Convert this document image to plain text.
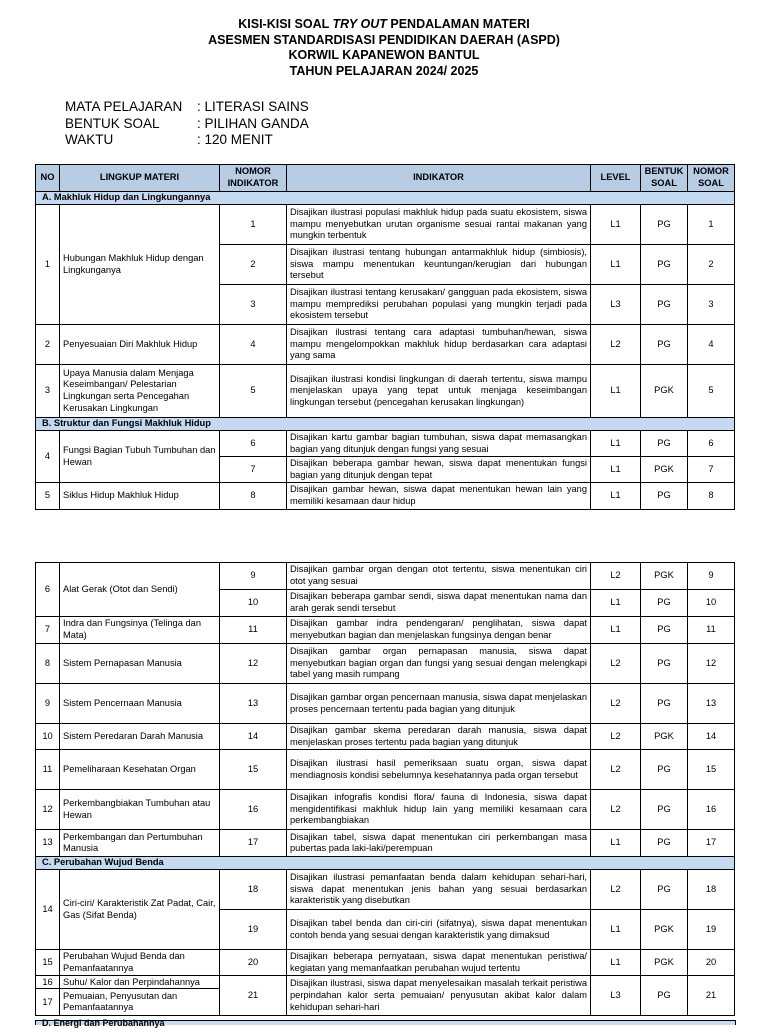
KISI-KISI SOAL TRY OUT PENDALAMAN MATERI
ASESMEN STANDARDISASI PENDIDIKAN DAERAH (ASPD)
KORWIL KAPANEWON BANTUL
TAHUN PELAJARAN 2024/ 2025
MATA PELAJARAN	: LITERASI SAINS
BENTUK SOAL	: PILIHAN GANDA
WAKTU	: 120 MENIT
NO	LINGKUP MATERI	NOMOR INDIKATOR	INDIKATOR	LEVEL	BENTUK SOAL	NOMOR SOAL
A. Makhluk Hidup dan Lingkungannya						
1	Hubungan Makhluk Hidup dengan Lingkunganya	1	Disajikan ilustrasi populasi makhluk hidup pada suatu ekosistem, siswa mampu menyebutkan urutan organisme sesuai rantai makanan yang mungkin terbentuk	L1	PG	1
		2	Disajikan ilustrasi tentang hubungan antarmakhluk hidup (simbiosis), siswa mampu menentukan keuntungan/kerugian dari hubungan tersebut	L1	PG	2
		3	Disajikan ilustrasi tentang kerusakan/ gangguan pada ekosistem, siswa mampu memprediksi perubahan populasi yang mungkin terjadi pada ekosistem tersebut	L3	PG	3
2	Penyesuaian Diri Makhluk Hidup	4	Disajikan ilustrasi tentang cara adaptasi tumbuhan/hewan, siswa mampu mengelompokkan makhluk hidup berdasarkan cara adaptasi yang sama	L2	PG	4
3	Upaya Manusia dalam Menjaga Keseimbangan/ Pelestarian Lingkungan serta Pencegahan Kerusakan Lingkungan	5	Disajikan ilustrasi kondisi lingkungan di daerah tertentu, siswa mampu menjelaskan upaya yang tepat untuk menjaga keseimbangan lingkungan tersebut (pencegahan kerusakan lingkungan)	L1	PGK	5
B. Struktur dan Fungsi Makhluk Hidup						
4	Fungsi Bagian Tubuh Tumbuhan dan Hewan	6	Disajikan kartu gambar bagian tumbuhan, siswa dapat memasangkan bagian yang ditunjuk dengan fungsi yang sesuai	L1	PG	6
		7	Disajikan beberapa gambar hewan, siswa dapat menentukan fungsi bagian yang ditunjuk dengan tepat	L1	PGK	7
5	Siklus Hidup Makhluk Hidup	8	Disajikan gambar hewan, siswa dapat menentukan hewan lain yang memiliki kesamaan daur hidup	L1	PG	8
6	Alat Gerak (Otot dan Sendi)	9	Disajikan gambar organ dengan otot tertentu, siswa menentukan ciri otot yang sesuai	L2	PGK	9
		10	Disajikan beberapa gambar sendi, siswa dapat menentukan nama dan arah gerak sendi tersebut	L1	PG	10
7	Indra dan Fungsinya (Telinga dan Mata)	11	Disajikan gambar indra pendengaran/ penglihatan, siswa dapat menyebutkan bagian dan menjelaskan fungsinya dengan benar	L1	PG	11
8	Sistem Pernapasan Manusia	12	Disajikan gambar organ pernapasan manusia, siswa dapat menyebutkan bagian organ dan fungsi yang sesuai dengan melengkapi tabel yang masih rumpang	L2	PG	12
9	Sistem Pencernaan Manusia	13	Disajikan gambar organ pencernaan manusia, siswa dapat menjelaskan proses pencernaan tertentu pada bagian yang ditunjuk	L2	PG	13
10	Sistem Peredaran Darah Manusia	14	Disajikan gambar skema peredaran darah manusia, siswa dapat menjelaskan proses tertentu pada bagian yang ditunjuk	L2	PGK	14
11	Pemeliharaan Kesehatan Organ	15	Disajikan ilustrasi hasil pemeriksaan suatu organ, siswa dapat mendiagnosis kondisi sebelumnya kesehatannya pada organ tersebut	L2	PG	15
12	Perkembangbiakan Tumbuhan atau Hewan	16	Disajikan infografis kondisi flora/ fauna di Indonesia, siswa dapat mengidentifikasi makhluk hidup lain yang memiliki kesamaan cara perkembangbiakan	L2	PG	16
13	Perkembangan dan Pertumbuhan Manusia	17	Disajikan tabel, siswa dapat menentukan ciri perkembangan masa pubertas pada laki-laki/perempuan	L1	PG	17
C. Perubahan Wujud Benda						
14	Ciri-ciri/ Karakteristik Zat Padat, Cair, Gas (Sifat Benda)	18	Disajikan ilustrasi pemanfaatan benda dalam kehidupan sehari-hari, siswa dapat menentukan jenis bahan yang sesuai berdasarkan karakteristik yang disebutkan	L2	PG	18
		19	Disajikan tabel benda dan ciri-ciri (sifatnya), siswa dapat menentukan contoh benda yang sesuai dengan karakteristik yang dimaksud	L1	PGK	19
15	Perubahan Wujud Benda dan Pemanfaatannya	20	Disajikan beberapa pernyataan, siswa dapat menentukan peristiwa/ kegiatan yang memanfaatkan perubahan wujud tertentu	L1	PGK	20
16	Suhu/ Kalor dan Perpindahannya	21	Disajikan ilustrasi, siswa dapat menyelesaikan masalah terkait peristiwa perpindahan kalor serta pemuaian/ penyusutan akibat kalor dalam kehidupan sehari-hari	L3	PG	21
17	Pemuaian, Penyusutan dan Pemanfaatannya					
D. Energi dan Perubahannya
